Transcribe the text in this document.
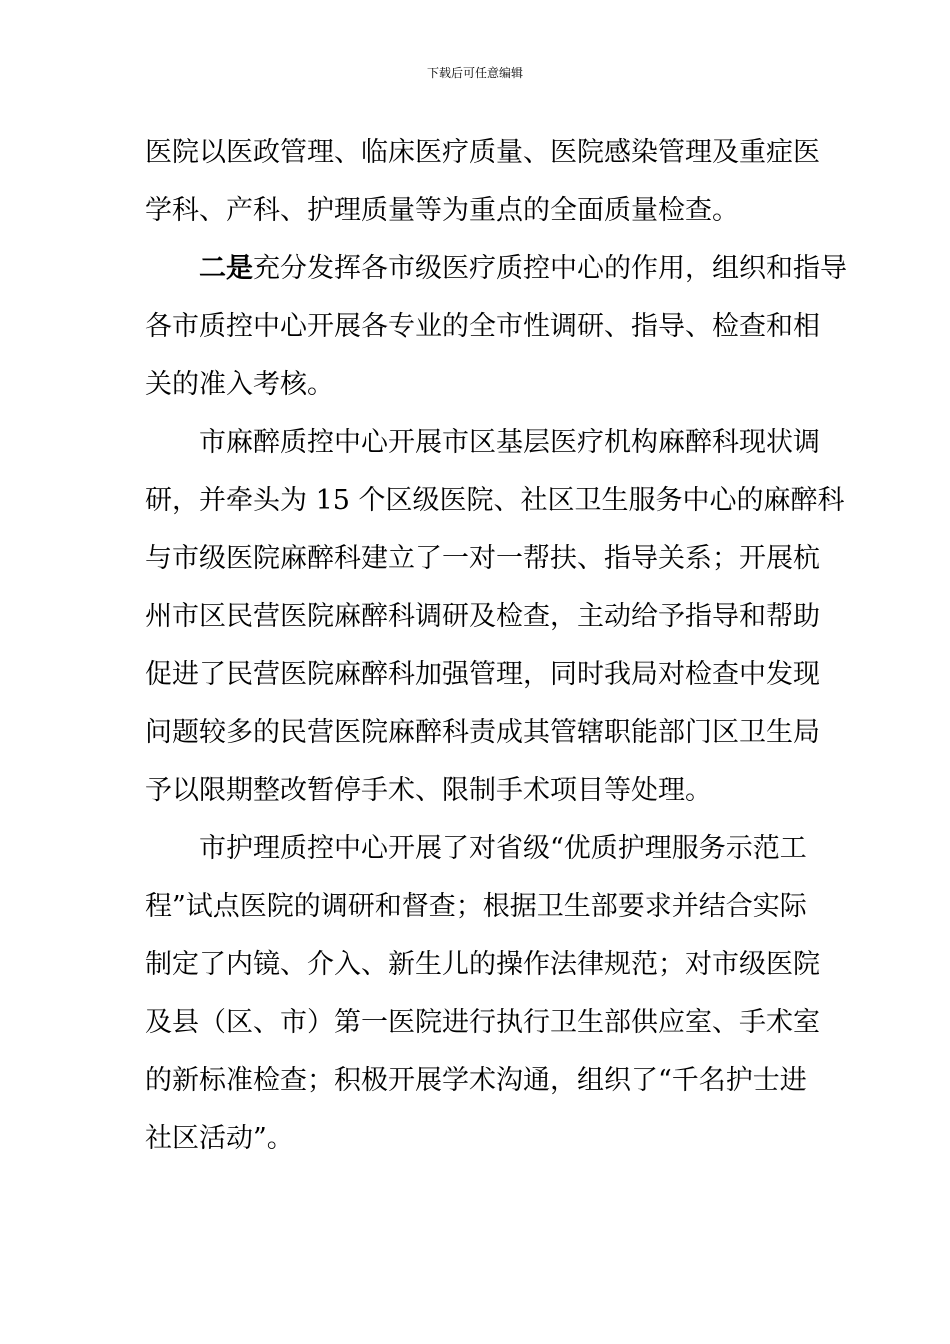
下载后可任意编辑
医院以医政管理、临床医疗质量、医院感染管理及重症医
学科、产科、护理质量等为重点的全面质量检查。
二是充分发挥各市级医疗质控中心的作用，组织和指导
各市质控中心开展各专业的全市性调研、指导、检查和相
关的准入考核。
市麻醉质控中心开展市区基层医疗机构麻醉科现状调
研，并牵头为 15 个区级医院、社区卫生服务中心的麻醉科
与市级医院麻醉科建立了一对一帮扶、指导关系；开展杭
州市区民营医院麻醉科调研及检查，主动给予指导和帮助
促进了民营医院麻醉科加强管理，同时我局对检查中发现
问题较多的民营医院麻醉科责成其管辖职能部门区卫生局
予以限期整改暂停手术、限制手术项目等处理。
市护理质控中心开展了对省级“优质护理服务示范工
程”试点医院的调研和督查；根据卫生部要求并结合实际
制定了内镜、介入、新生儿的操作法律规范；对市级医院
及县（区、市）第一医院进行执行卫生部供应室、手术室
的新标准检查；积极开展学术沟通，组织了“千名护士进
社区活动”。
